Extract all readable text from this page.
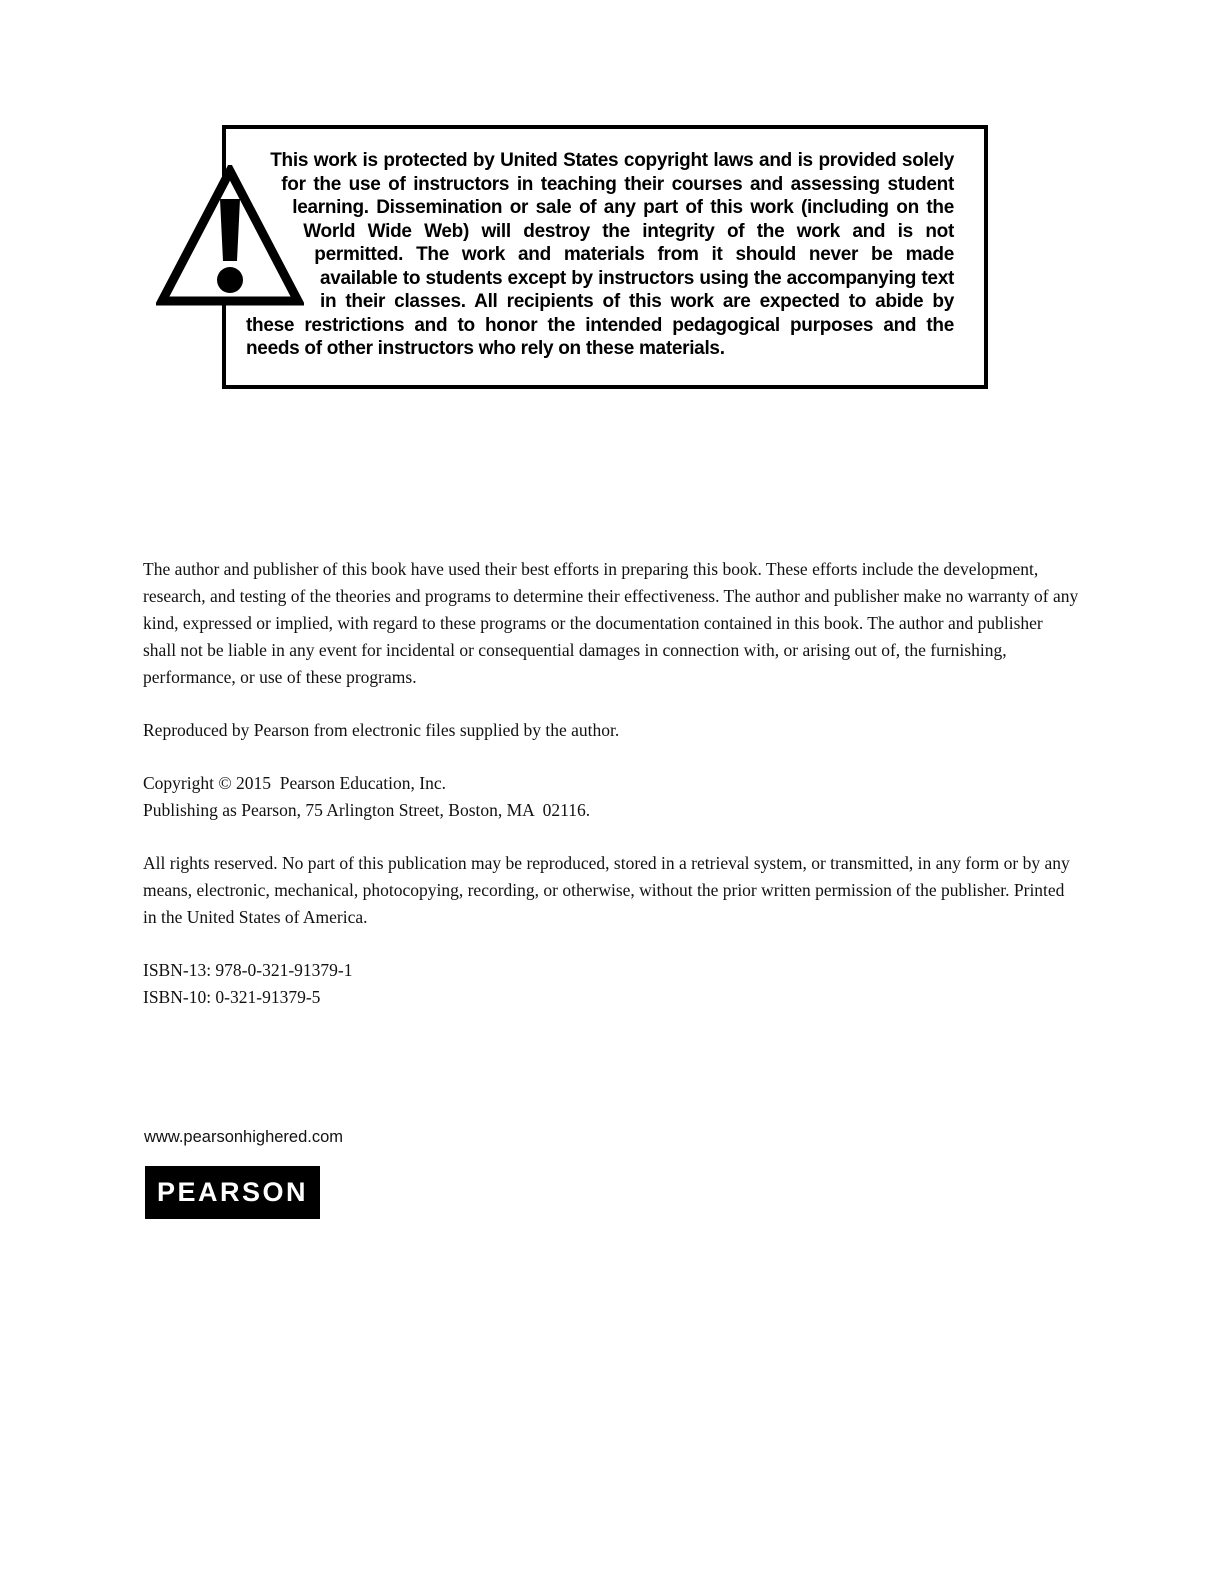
This work is protected by United States copyright laws and is provided solely for the use of instructors in teaching their courses and assessing student learning. Dissemination or sale of any part of this work (including on the World Wide Web) will destroy the integrity of the work and is not permitted. The work and materials from it should never be made available to students except by instructors using the accompanying text in their classes. All recipients of this work are expected to abide by these restrictions and to honor the intended pedagogical purposes and the needs of other instructors who rely on these materials.

The author and publisher of this book have used their best efforts in preparing this book. These efforts include the development, research, and testing of the theories and programs to determine their effectiveness. The author and publisher make no warranty of any kind, expressed or implied, with regard to these programs or the documentation contained in this book. The author and publisher shall not be liable in any event for incidental or consequential damages in connection with, or arising out of, the furnishing, performance, or use of these programs.

Reproduced by Pearson from electronic files supplied by the author.

Copyright © 2015  Pearson Education, Inc.
Publishing as Pearson, 75 Arlington Street, Boston, MA  02116.

All rights reserved. No part of this publication may be reproduced, stored in a retrieval system, or transmitted, in any form or by any means, electronic, mechanical, photocopying, recording, or otherwise, without the prior written permission of the publisher. Printed in the United States of America.

ISBN-13: 978-0-321-91379-1
ISBN-10: 0-321-91379-5

www.pearsonhighered.com
PEARSON
